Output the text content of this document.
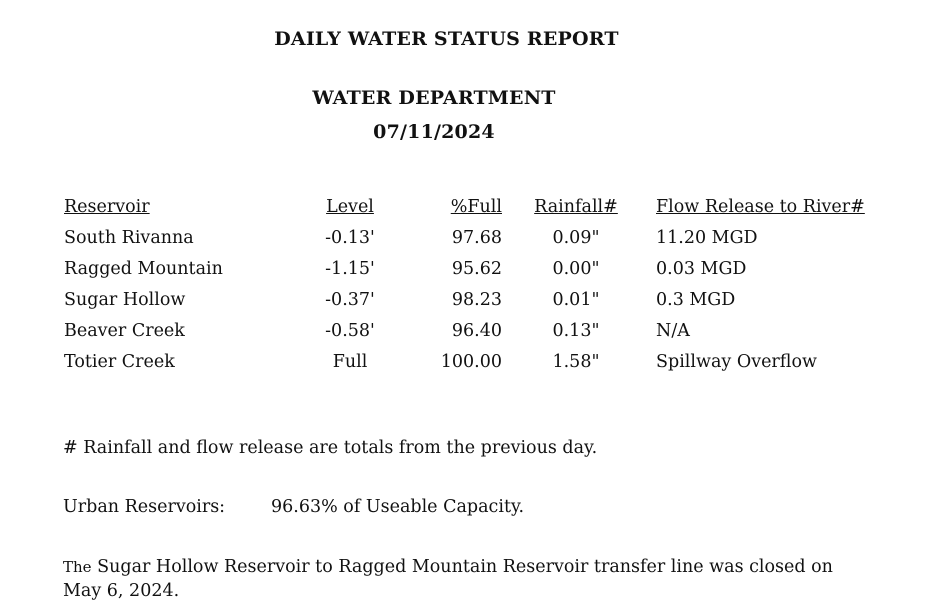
DAILY WATER STATUS REPORT
WATER DEPARTMENT
07/11/2024
Reservoir	Level	%Full	Rainfall#	Flow Release to River#
South Rivanna	-0.13'	97.68	0.09"	11.20 MGD
Ragged Mountain	-1.15'	95.62	0.00"	0.03 MGD
Sugar Hollow	-0.37'	98.23	0.01"	0.3 MGD
Beaver Creek	-0.58'	96.40	0.13"	N/A
Totier Creek	Full	100.00	1.58"	Spillway Overflow
# Rainfall and flow release are totals from the previous day.
Urban Reservoirs:	96.63% of Useable Capacity.
The Sugar Hollow Reservoir to Ragged Mountain Reservoir transfer line was closed on May 6, 2024.
